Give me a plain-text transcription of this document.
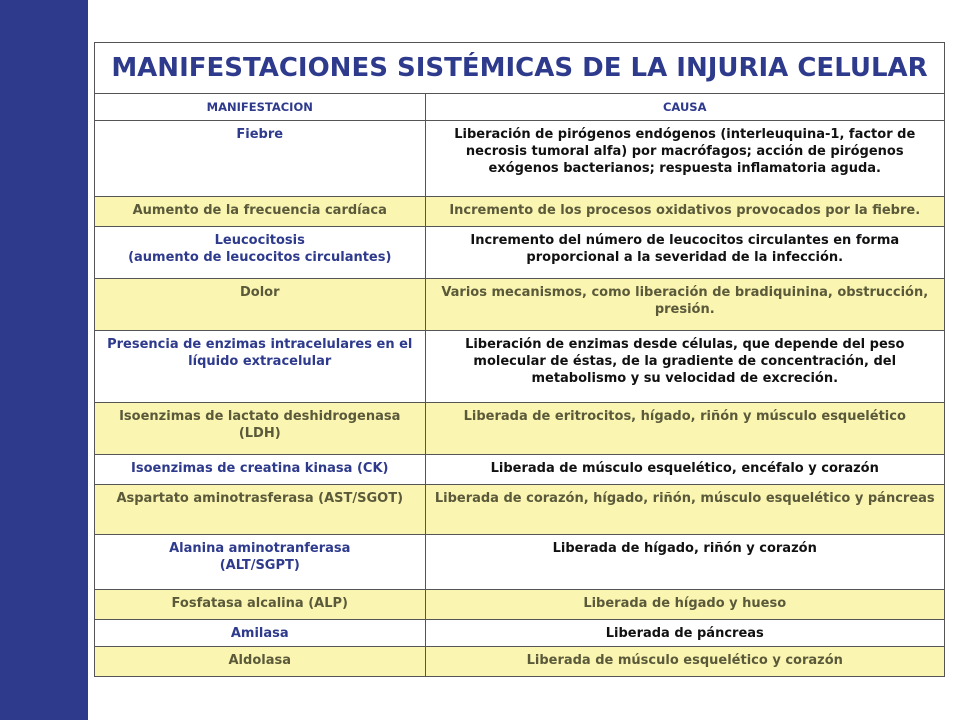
MANIFESTACIONES SISTÉMICAS DE LA INJURIA CELULAR
MANIFESTACION	CAUSA
Fiebre	Liberación de pirógenos endógenos (interleuquina-1, factor de necrosis tumoral alfa) por macrófagos; acción de pirógenos exógenos bacterianos; respuesta inflamatoria aguda.
Aumento de la frecuencia cardíaca	Incremento de los procesos oxidativos provocados por la fiebre.
Leucocitosis
(aumento de leucocitos circulantes)	Incremento del número de leucocitos circulantes en forma proporcional a la severidad de la infección.
Dolor	Varios mecanismos, como liberación de bradiquinina, obstrucción, presión.
Presencia de enzimas intracelulares en el líquido extracelular	Liberación de enzimas desde células, que depende del peso molecular de éstas, de la gradiente de concentración, del metabolismo y su velocidad de excreción.
Isoenzimas de lactato deshidrogenasa (LDH)	Liberada de eritrocitos, hígado, riñón y músculo esquelético
Isoenzimas de creatina kinasa (CK)	Liberada de músculo esquelético, encéfalo y corazón
Aspartato aminotrasferasa (AST/SGOT)	Liberada de corazón, hígado, riñón, músculo esquelético y páncreas
Alanina aminotranferasa
(ALT/SGPT)	Liberada de hígado, riñón y corazón
Fosfatasa alcalina (ALP)	Liberada de hígado y hueso
Amilasa	Liberada de páncreas
Aldolasa	Liberada de músculo esquelético y corazón
